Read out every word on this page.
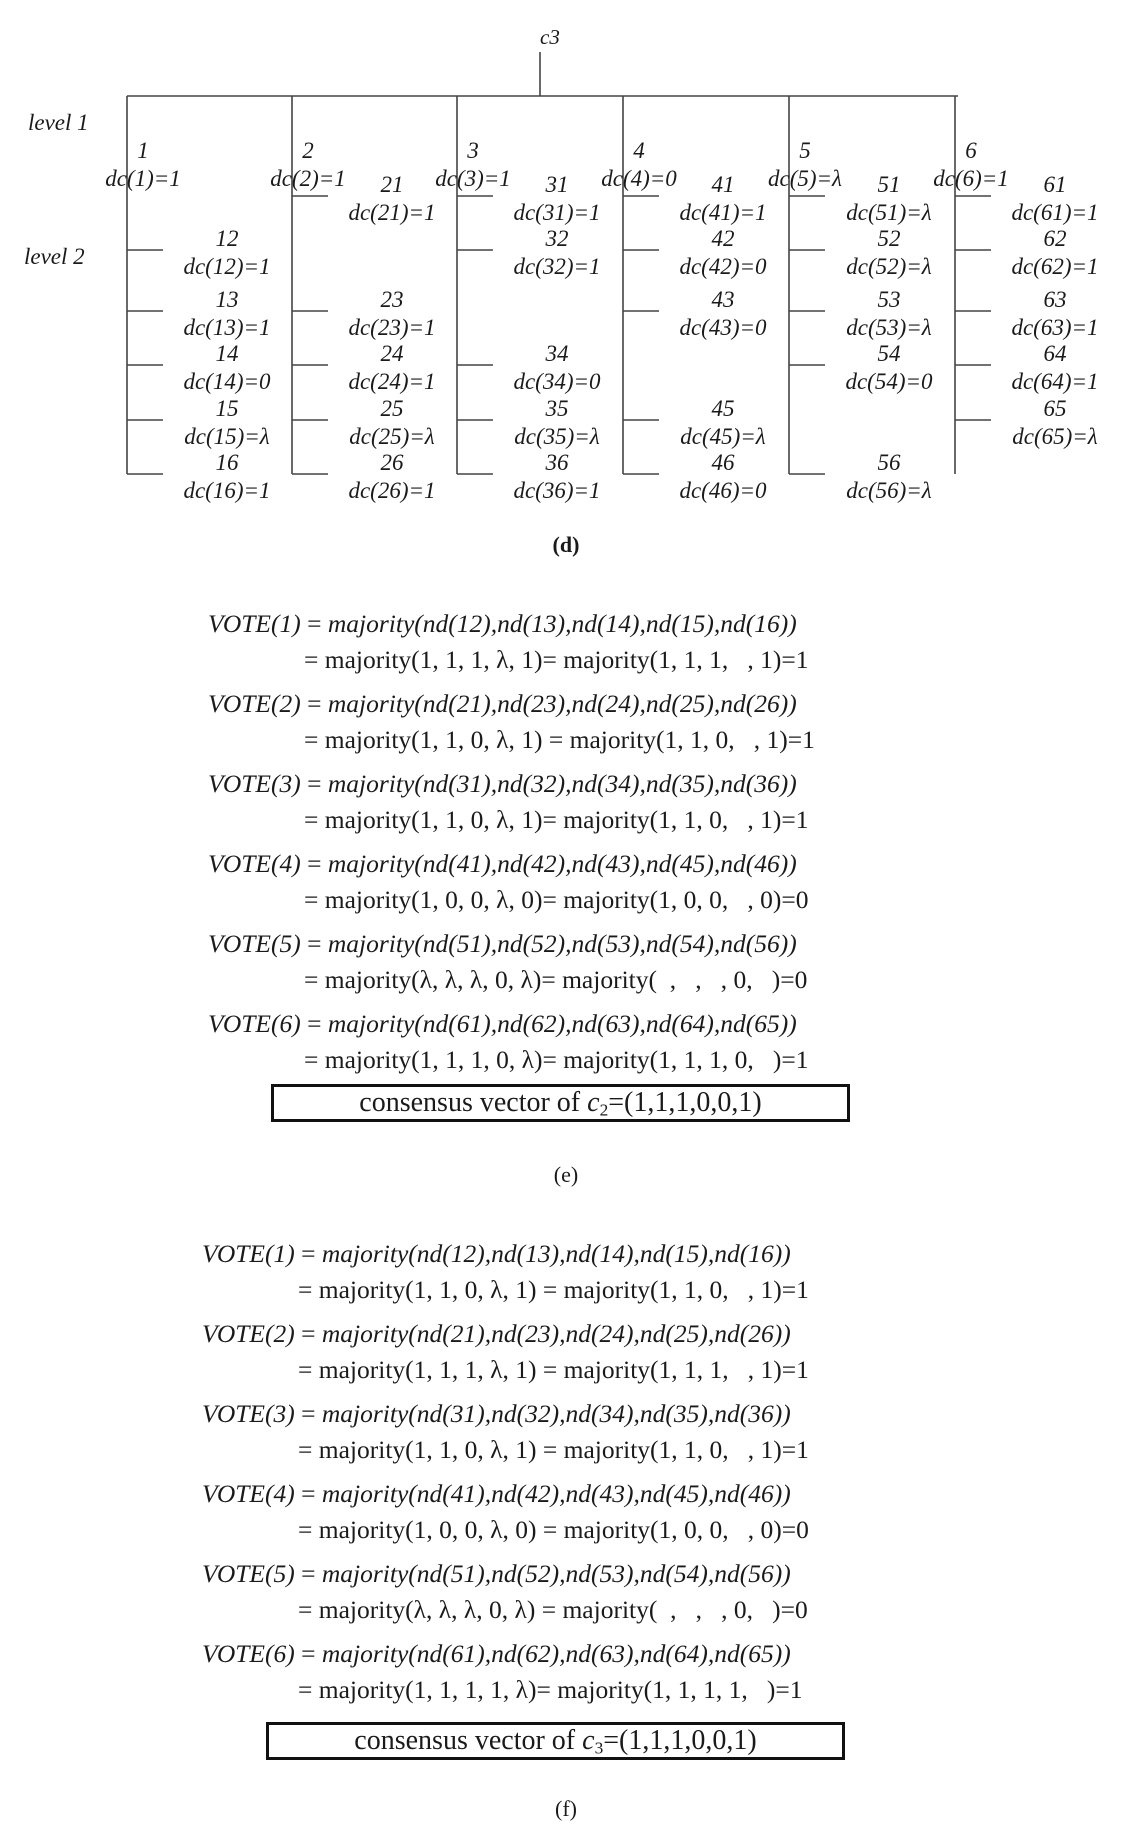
c3
level 1
level 2
1
dc(1)=1
12
dc(12)=1
13
dc(13)=1
14
dc(14)=0
15
dc(15)=λ
16
dc(16)=1
2
dc(2)=1 21
dc(21)=1
23
dc(23)=1
24
dc(24)=1
25
dc(25)=λ
26
dc(26)=1
3
dc(3)=1 31
dc(31)=1
32
dc(32)=1
34
dc(34)=0
35
dc(35)=λ
36
dc(36)=1
4
dc(4)=0 41
dc(41)=1
42
dc(42)=0
43
dc(43)=0
45
dc(45)=λ
46
dc(46)=0
5
dc(5)=λ 51
dc(51)=λ
52
dc(52)=λ
53
dc(53)=λ
54
dc(54)=0
56
dc(56)=λ
6
dc(6)=1 61
dc(61)=1
62
dc(62)=1
63
dc(63)=1
64
dc(64)=1
65
dc(65)=λ
(d)
VOTE(1) = majority(nd(12),nd(13),nd(14),nd(15),nd(16))
= majority(1, 1, 1, λ, 1)= majority(1, 1, 1,   , 1)=1
VOTE(2) = majority(nd(21),nd(23),nd(24),nd(25),nd(26))
= majority(1, 1, 0, λ, 1) = majority(1, 1, 0,   , 1)=1
VOTE(3) = majority(nd(31),nd(32),nd(34),nd(35),nd(36))
= majority(1, 1, 0, λ, 1)= majority(1, 1, 0,   , 1)=1
VOTE(4) = majority(nd(41),nd(42),nd(43),nd(45),nd(46))
= majority(1, 0, 0, λ, 0)= majority(1, 0, 0,   , 0)=0
VOTE(5) = majority(nd(51),nd(52),nd(53),nd(54),nd(56))
= majority(λ, λ, λ, 0, λ)= majority(  ,   ,   , 0,   )=0
VOTE(6) = majority(nd(61),nd(62),nd(63),nd(64),nd(65))
= majority(1, 1, 1, 0, λ)= majority(1, 1, 1, 0,   )=1
consensus vector of $c_2=(1,1,1,0,0,1)$
(e)
VOTE(1) = majority(nd(12),nd(13),nd(14),nd(15),nd(16))
= majority(1, 1, 0, λ, 1) = majority(1, 1, 0,   , 1)=1
VOTE(2) = majority(nd(21),nd(23),nd(24),nd(25),nd(26))
= majority(1, 1, 1, λ, 1) = majority(1, 1, 1,   , 1)=1
VOTE(3) = majority(nd(31),nd(32),nd(34),nd(35),nd(36))
= majority(1, 1, 0, λ, 1) = majority(1, 1, 0,   , 1)=1
VOTE(4) = majority(nd(41),nd(42),nd(43),nd(45),nd(46))
= majority(1, 0, 0, λ, 0) = majority(1, 0, 0,   , 0)=0
VOTE(5) = majority(nd(51),nd(52),nd(53),nd(54),nd(56))
= majority(λ, λ, λ, 0, λ) = majority(  ,   ,   , 0,   )=0
VOTE(6) = majority(nd(61),nd(62),nd(63),nd(64),nd(65))
= majority(1, 1, 1, 1, λ)= majority(1, 1, 1, 1,   )=1
consensus vector of $c_3=(1,1,1,0,0,1)$
(f)
